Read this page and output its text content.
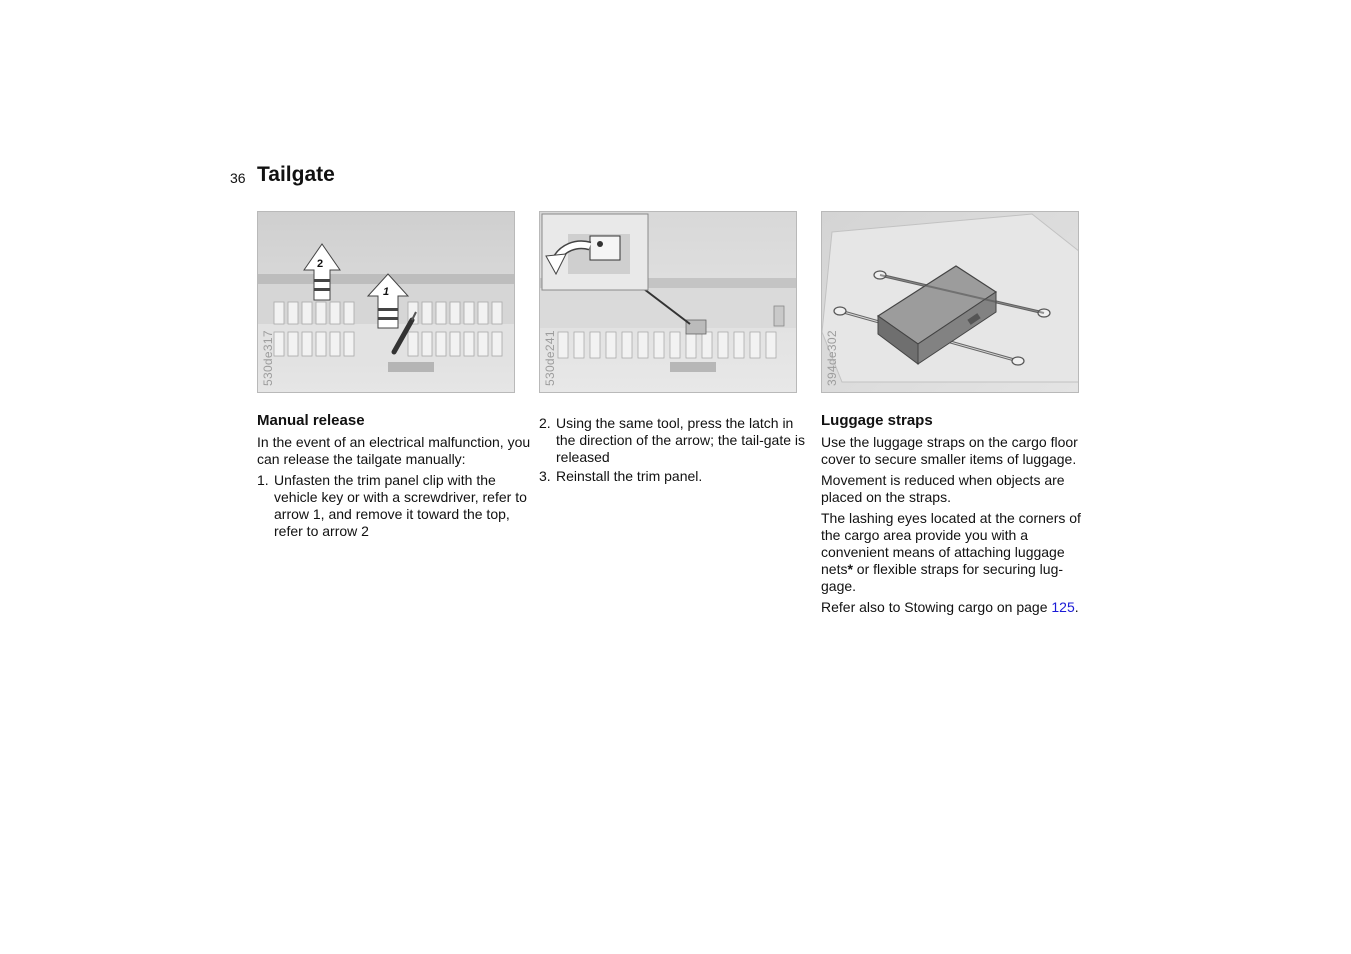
36 Tailgate
2
1
530de317	530de241	394de302
Manual release

In the event of an electrical malfunction, you can release the tailgate manually:

1. Unfasten the trim panel clip with the vehicle key or with a screwdriver, refer to arrow 1, and remove it toward the top, refer to arrow 2
2. Using the same tool, press the latch in the direction of the arrow; the tail-gate is released
3. Reinstall the trim panel.
Luggage straps

Use the luggage straps on the cargo floor cover to secure smaller items of luggage.

Movement is reduced when objects are placed on the straps.

The lashing eyes located at the corners of the cargo area provide you with a convenient means of attaching luggage nets* or flexible straps for securing lug-gage.

Refer also to Stowing cargo on page 125.
